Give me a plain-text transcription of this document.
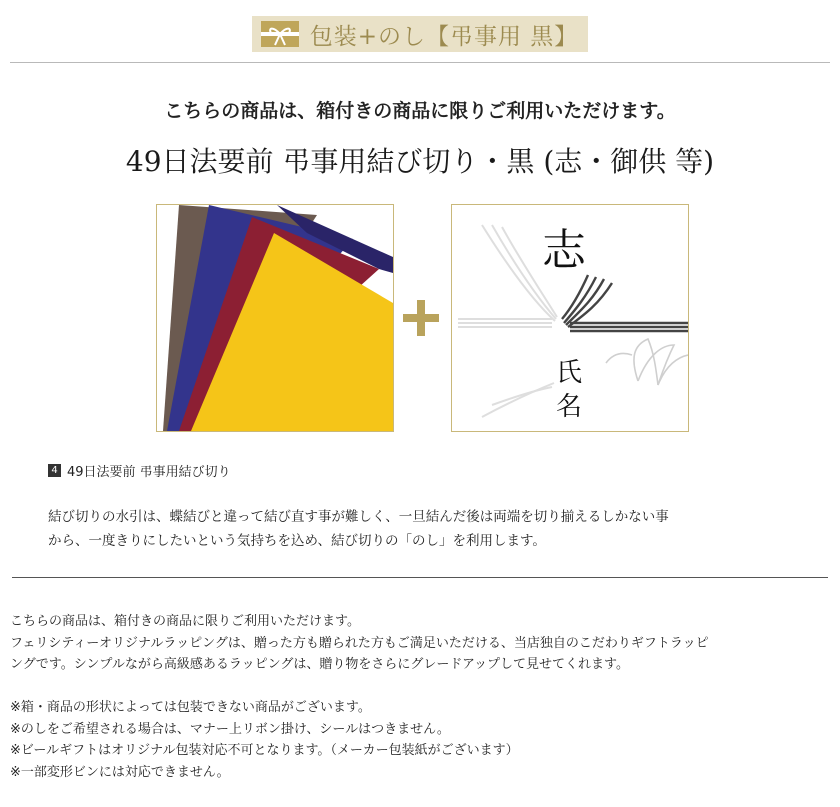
包装+のし【弔事用 黒】
こちらの商品は、箱付きの商品に限りご利用いただけます。
49日法要前 弔事用結び切り・黒 (志・御供 等)
志
氏
名
4 49日法要前 弔事用結び切り
結び切りの水引は、蝶結びと違って結び直す事が難しく、一旦結んだ後は両端を切り揃えるしかない事
から、一度きりにしたいという気持ちを込め、結び切りの「のし」を利用します。
こちらの商品は、箱付きの商品に限りご利用いただけます。
フェリシティーオリジナルラッピングは、贈った方も贈られた方もご満足いただける、当店独自のこだわりギフトラッピ
ングです。シンプルながら高級感あるラッピングは、贈り物をさらにグレードアップして見せてくれます。
※箱・商品の形状によっては包装できない商品がございます。
※のしをご希望される場合は、マナー上リボン掛け、シールはつきません。
※ビールギフトはオリジナル包装対応不可となります。（メーカー包装紙がございます）
※一部変形ビンには対応できません。
